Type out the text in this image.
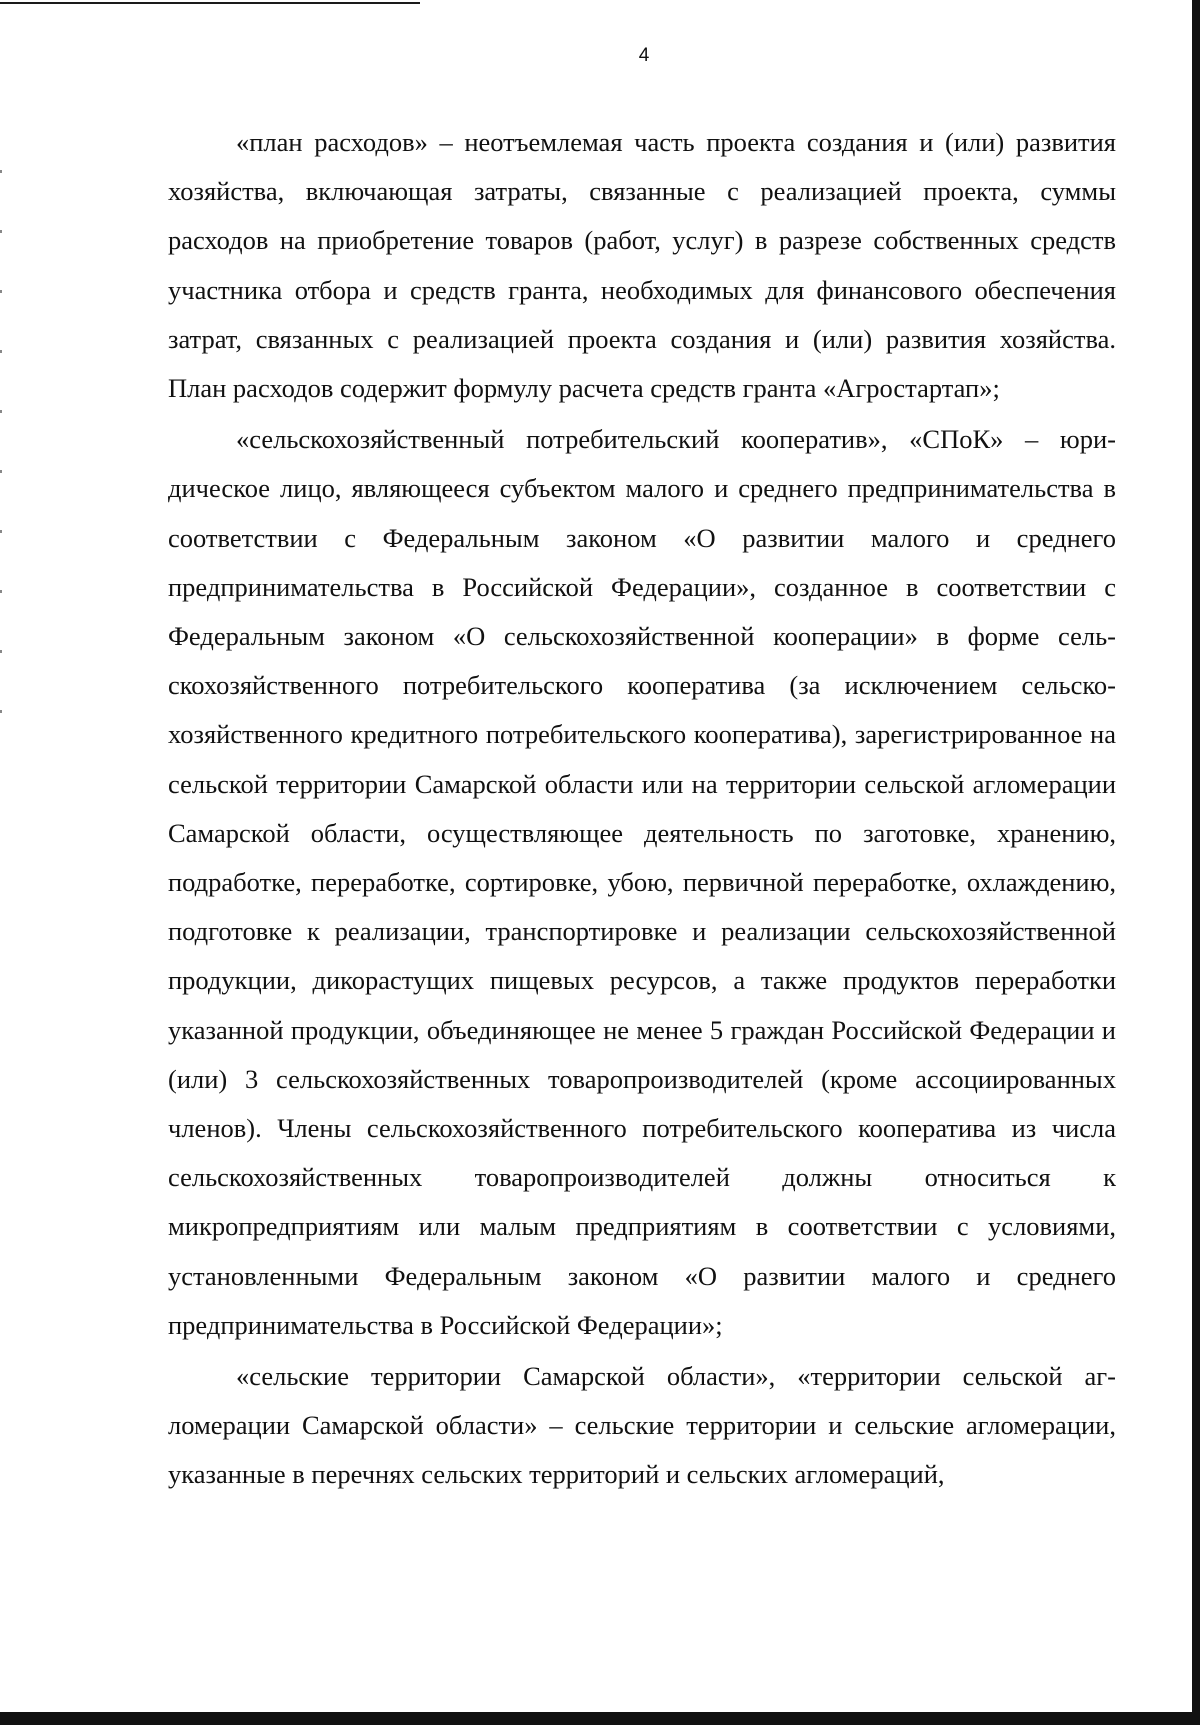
4

«план расходов» – неотъемлемая часть проекта создания и (или) развития хозяйства, включающая затраты, связанные с реализацией проекта, суммы расходов на приобретение товаров (работ, услуг) в разрезе собственных средств участника отбора и средств гранта, необходимых для финансового обеспечения затрат, связанных с реализацией проекта создания и (или) развития хозяйства. План расходов содержит формулу расчета средств гранта «Агростартап»;

«сельскохозяйственный потребительский кооператив», «СПоК» – юридическое лицо, являющееся субъектом малого и среднего предпринимательства в соответствии с Федеральным законом «О развитии малого и среднего предпринимательства в Российской Федерации», созданное в соответствии с Федеральным законом «О сельскохозяйственной кооперации» в форме сельскохозяйственного потребительского кооператива (за исключением сельскохозяйственного кредитного потребительского кооператива), зарегистрированное на сельской территории Самарской области или на территории сельской агломерации Самарской области, осуществляющее деятельность по заготовке, хранению, подработке, переработке, сортировке, убою, первичной переработке, охлаждению, подготовке к реализации, транспортировке и реализации сельскохозяйственной продукции, дикорастущих пищевых ресурсов, а также продуктов переработки указанной продукции, объединяющее не менее 5 граждан Российской Федерации и (или) 3 сельскохозяйственных товаропроизводителей (кроме ассоциированных членов). Члены сельскохозяйственного потребительского кооператива из числа сельскохозяйственных товаропроизводителей должны относиться к микропредприятиям или малым предприятиям в соответствии с условиями, установленными Федеральным законом «О развитии малого и среднего предпринимательства в Российской Федерации»;

«сельские территории Самарской области», «территории сельской агломерации Самарской области» – сельские территории и сельские агломерации, указанные в перечнях сельских территорий и сельских агломераций,
